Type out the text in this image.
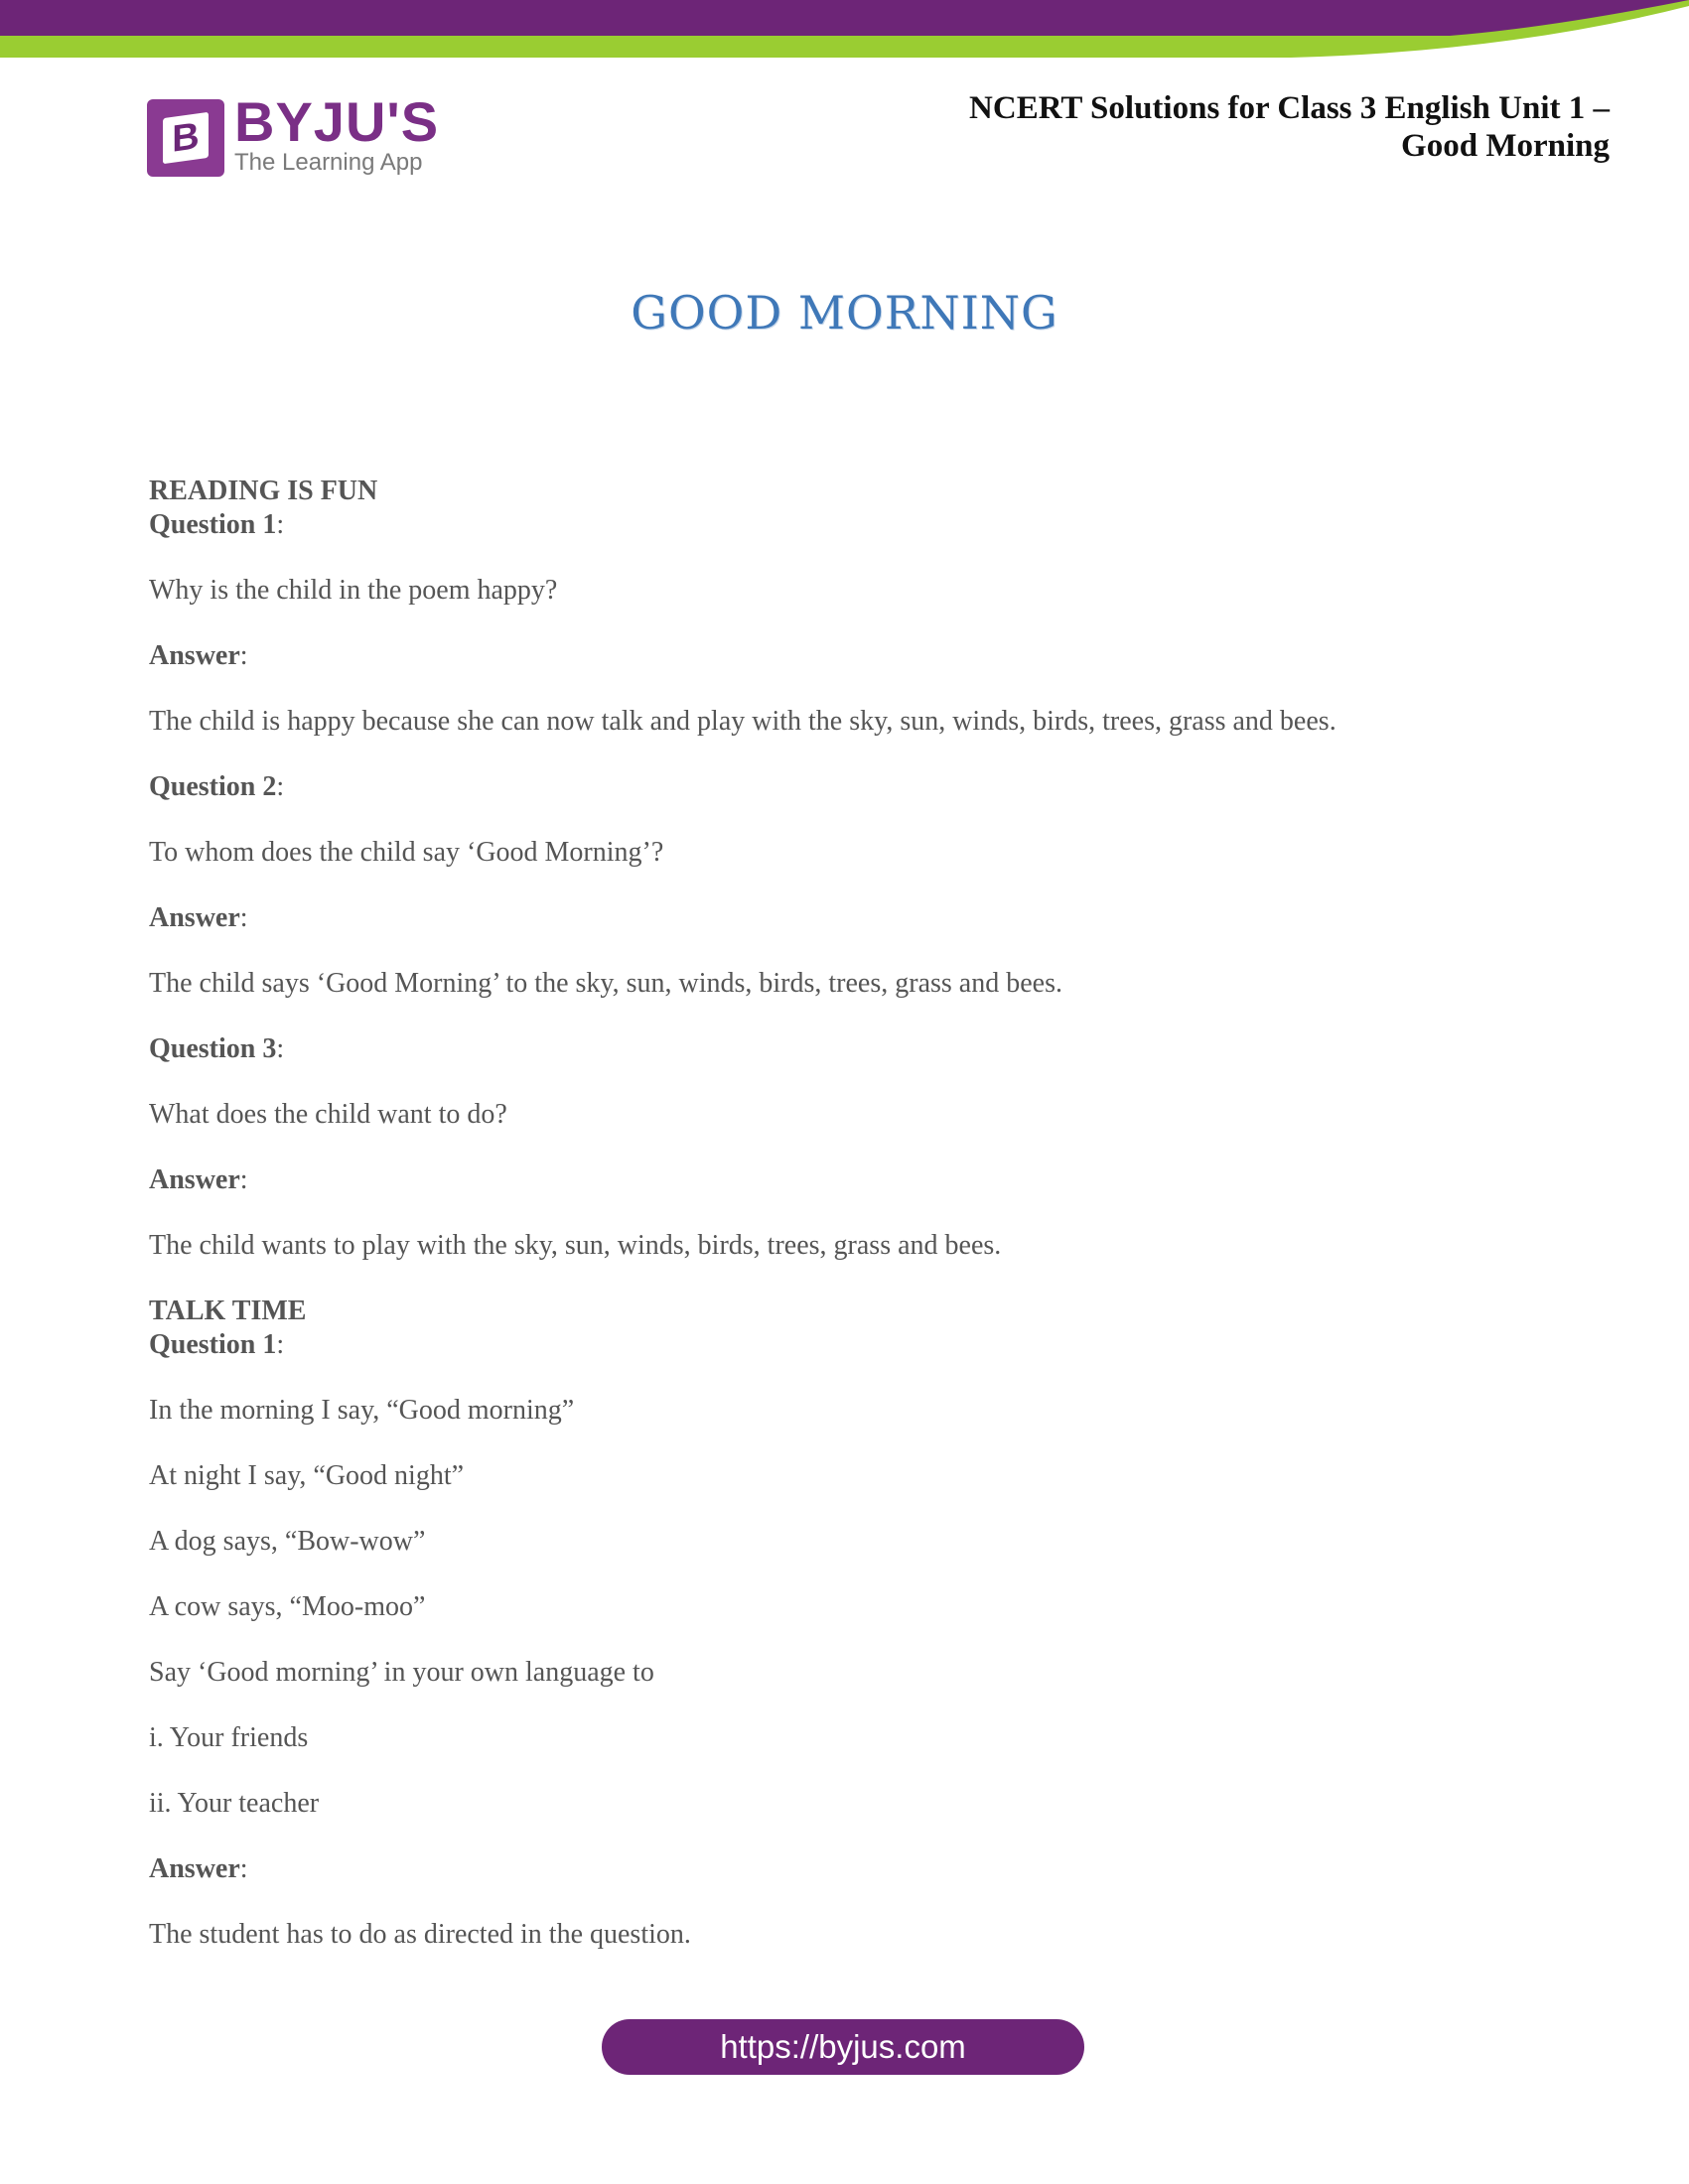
B BYJU'S
The Learning App
NCERT Solutions for Class 3 English Unit 1 –
Good Morning
GOOD MORNING
READING IS FUN
Question 1:
Why is the child in the poem happy?
Answer:
The child is happy because she can now talk and play with the sky, sun, winds, birds, trees, grass and bees.
Question 2:
To whom does the child say ‘Good Morning’?
Answer:
The child says ‘Good Morning’ to the sky, sun, winds, birds, trees, grass and bees.
Question 3:
What does the child want to do?
Answer:
The child wants to play with the sky, sun, winds, birds, trees, grass and bees.
TALK TIME
Question 1:
In the morning I say, “Good morning”
At night I say, “Good night”
A dog says, “Bow-wow”
A cow says, “Moo-moo”
Say ‘Good morning’ in your own language to
i. Your friends
ii. Your teacher
Answer:
The student has to do as directed in the question.
https://byjus.com
